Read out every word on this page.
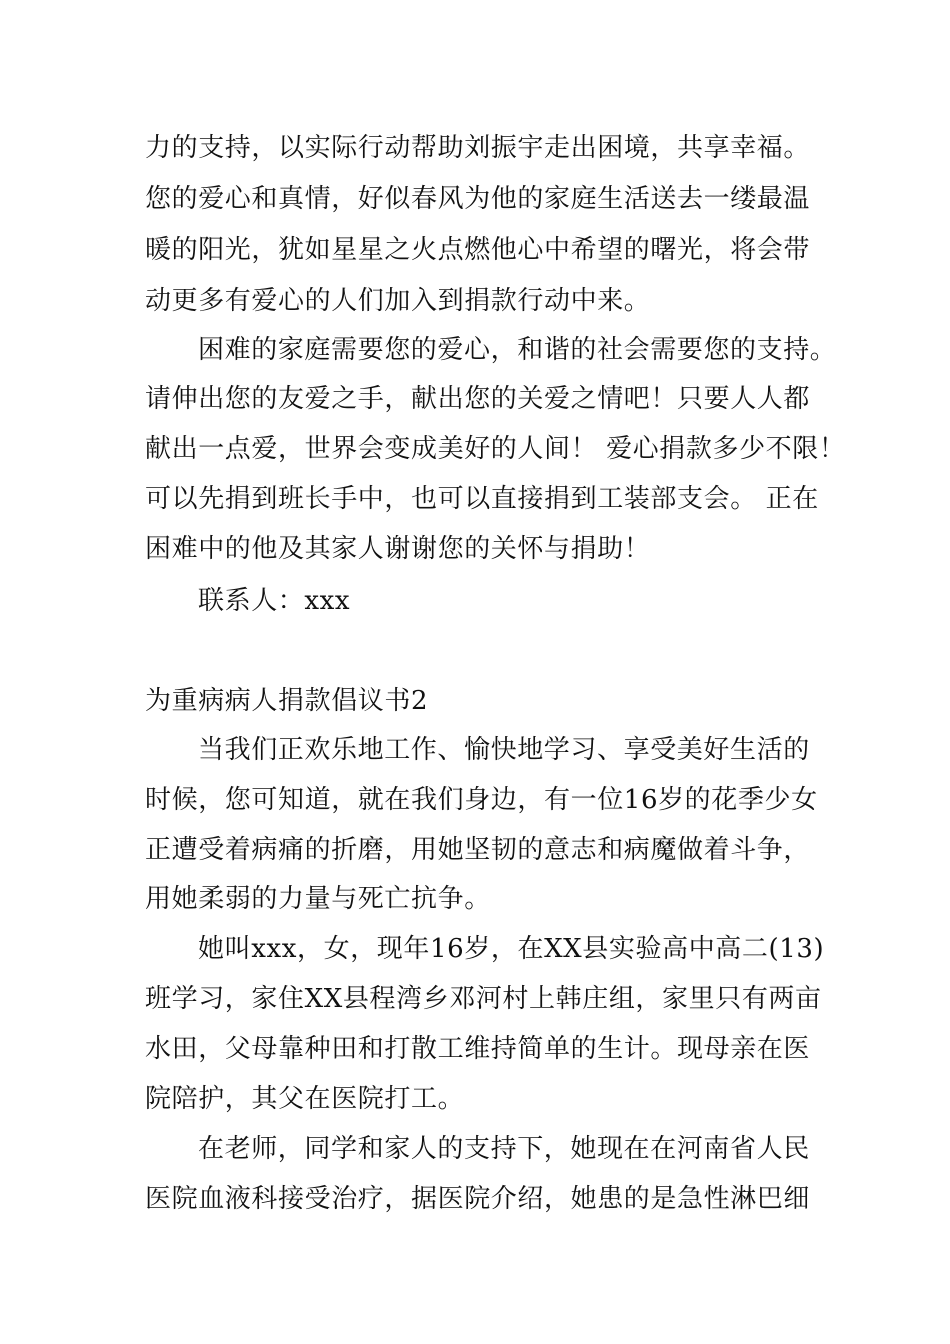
力的支持，以实际行动帮助刘振宇走出困境，共享幸福。
您的爱心和真情，好似春风为他的家庭生活送去一缕最温
暖的阳光，犹如星星之火点燃他心中希望的曙光，将会带
动更多有爱心的人们加入到捐款行动中来。
困难的家庭需要您的爱心，和谐的社会需要您的支持。
请伸出您的友爱之手，献出您的关爱之情吧！只要人人都
献出一点爱，世界会变成美好的人间！ 爱心捐款多少不限！
可以先捐到班长手中，也可以直接捐到工装部支会。 正在
困难中的他及其家人谢谢您的关怀与捐助！
联系人：xxx
为重病病人捐款倡议书2
当我们正欢乐地工作、愉快地学习、享受美好生活的
时候，您可知道，就在我们身边，有一位16岁的花季少女
正遭受着病痛的折磨，用她坚韧的意志和病魔做着斗争，
用她柔弱的力量与死亡抗争。
她叫xxx，女，现年16岁，在XX县实验高中高二(13)
班学习，家住XX县程湾乡邓河村上韩庄组，家里只有两亩
水田，父母靠种田和打散工维持简单的生计。现母亲在医
院陪护，其父在医院打工。
在老师，同学和家人的支持下，她现在在河南省人民
医院血液科接受治疗，据医院介绍，她患的是急性淋巴细
